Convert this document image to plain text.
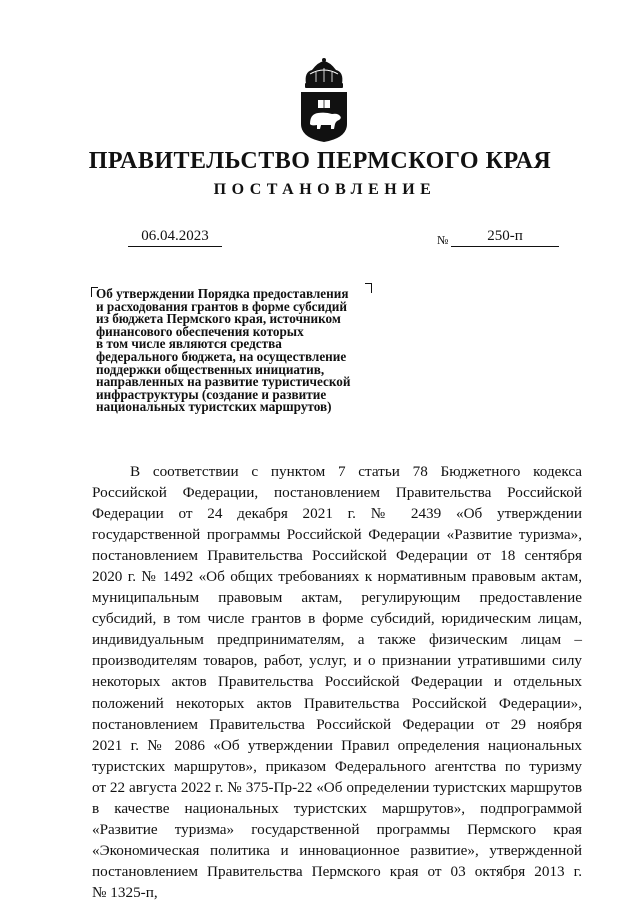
ПРАВИТЕЛЬСТВО ПЕРМСКОГО КРАЯ
ПОСТАНОВЛЕНИЕ
06.04.2023	№	250-п
Об утверждении Порядка предоставления
и расходования грантов в форме субсидий
из бюджета Пермского края, источником
финансового обеспечения которых
в том числе являются средства
федерального бюджета, на осуществление
поддержки общественных инициатив,
направленных на развитие туристической
инфраструктуры (создание и развитие
национальных туристских маршрутов)
В соответствии с пунктом 7 статьи 78 Бюджетного кодекса
Российской Федерации, постановлением Правительства Российской
Федерации от 24 декабря 2021 г. № 2439 «Об утверждении
государственной программы Российской Федерации «Развитие туризма»,
постановлением Правительства Российской Федерации от 18 сентября
2020 г. № 1492 «Об общих требованиях к нормативным правовым актам,
муниципальным правовым актам, регулирующим предоставление
субсидий, в том числе грантов в форме субсидий, юридическим лицам,
индивидуальным предпринимателям, а также физическим лицам –
производителям товаров, работ, услуг, и о признании утратившими силу
некоторых актов Правительства Российской Федерации и отдельных
положений некоторых актов Правительства Российской Федерации»,
постановлением Правительства Российской Федерации от 29 ноября
2021 г. № 2086 «Об утверждении Правил определения национальных
туристских маршрутов», приказом Федерального агентства по туризму
от 22 августа 2022 г. № 375-Пр-22 «Об определении туристских маршрутов
в качестве национальных туристских маршрутов», подпрограммой
«Развитие туризма» государственной программы Пермского края
«Экономическая политика и инновационное развитие», утвержденной
постановлением Правительства Пермского края от 03 октября 2013 г.
№ 1325-п,
